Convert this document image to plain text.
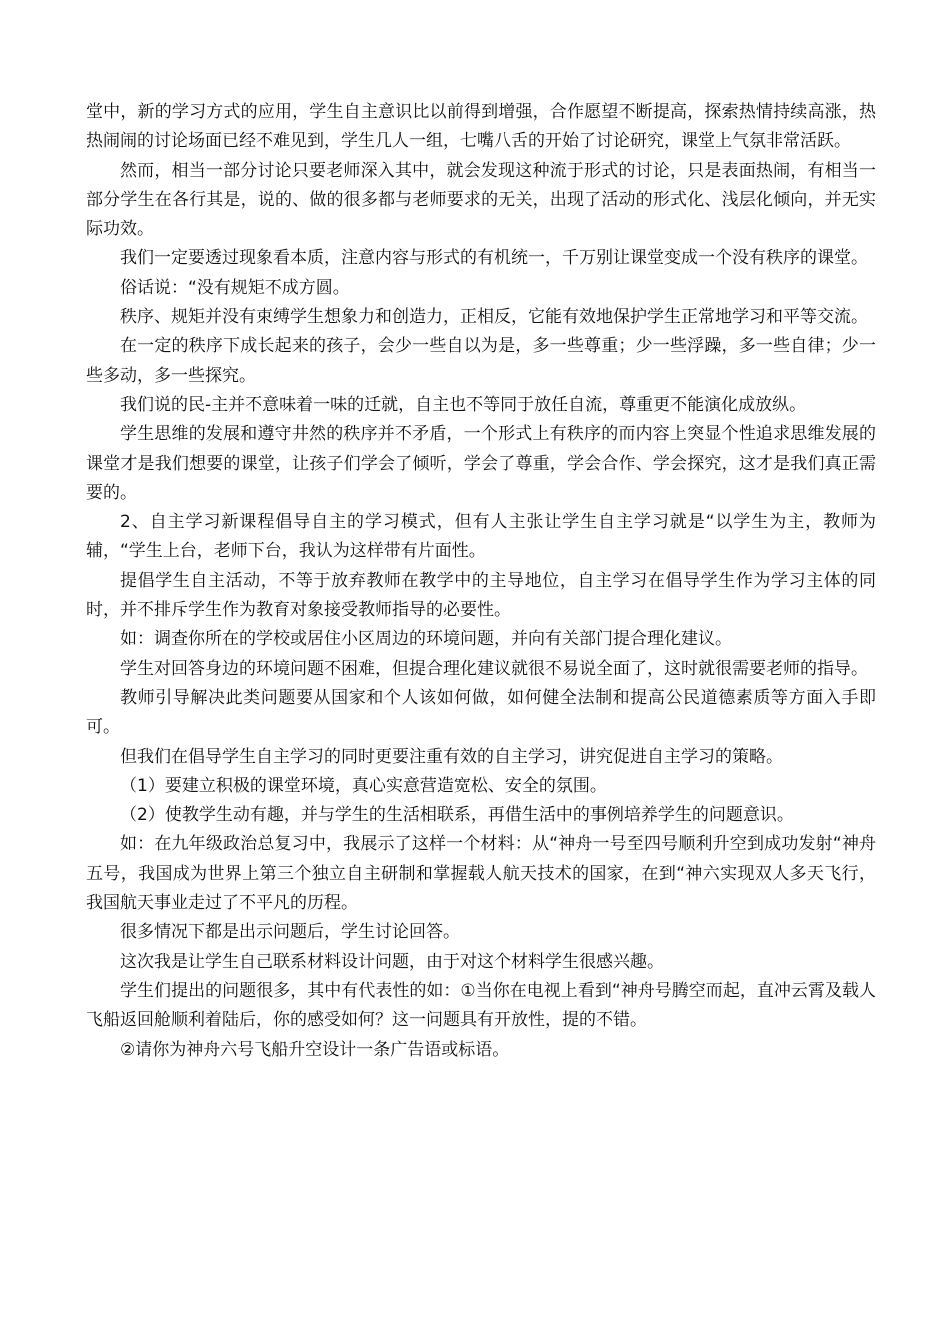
堂中，新的学习方式的应用，学生自主意识比以前得到增强，合作愿望不断提高，探索热情持续高涨，热热闹闹的讨论场面已经不难见到，学生几人一组，七嘴八舌的开始了讨论研究，课堂上气氛非常活跃。

然而，相当一部分讨论只要老师深入其中，就会发现这种流于形式的讨论，只是表面热闹，有相当一部分学生在各行其是，说的、做的很多都与老师要求的无关，出现了活动的形式化、浅层化倾向，并无实际功效。

我们一定要透过现象看本质，注意内容与形式的有机统一，千万别让课堂变成一个没有秩序的课堂。

俗话说：“没有规矩不成方圆。

秩序、规矩并没有束缚学生想象力和创造力，正相反，它能有效地保护学生正常地学习和平等交流。

在一定的秩序下成长起来的孩子，会少一些自以为是，多一些尊重；少一些浮躁，多一些自律；少一些多动，多一些探究。

我们说的民-主并不意味着一味的迁就，自主也不等同于放任自流，尊重更不能演化成放纵。

学生思维的发展和遵守井然的秩序并不矛盾，一个形式上有秩序的而内容上突显个性追求思维发展的课堂才是我们想要的课堂，让孩子们学会了倾听，学会了尊重，学会合作、学会探究，这才是我们真正需要的。

2、自主学习新课程倡导自主的学习模式，但有人主张让学生自主学习就是“以学生为主，教师为辅，“学生上台，老师下台，我认为这样带有片面性。

提倡学生自主活动，不等于放弃教师在教学中的主导地位，自主学习在倡导学生作为学习主体的同时，并不排斥学生作为教育对象接受教师指导的必要性。

如：调查你所在的学校或居住小区周边的环境问题，并向有关部门提合理化建议。

学生对回答身边的环境问题不困难，但提合理化建议就很不易说全面了，这时就很需要老师的指导。

教师引导解决此类问题要从国家和个人该如何做，如何健全法制和提高公民道德素质等方面入手即可。

但我们在倡导学生自主学习的同时更要注重有效的自主学习，讲究促进自主学习的策略。

（1）要建立积极的课堂环境，真心实意营造宽松、安全的氛围。

（2）使教学生动有趣，并与学生的生活相联系，再借生活中的事例培养学生的问题意识。

如：在九年级政治总复习中，我展示了这样一个材料：从“神舟一号至四号顺利升空到成功发射“神舟五号，我国成为世界上第三个独立自主研制和掌握载人航天技术的国家，在到“神六实现双人多天飞行，我国航天事业走过了不平凡的历程。

很多情况下都是出示问题后，学生讨论回答。

这次我是让学生自己联系材料设计问题，由于对这个材料学生很感兴趣。

学生们提出的问题很多，其中有代表性的如：①当你在电视上看到“神舟号腾空而起，直冲云霄及载人飞船返回舱顺利着陆后，你的感受如何？这一问题具有开放性，提的不错。

②请你为神舟六号飞船升空设计一条广告语或标语。
